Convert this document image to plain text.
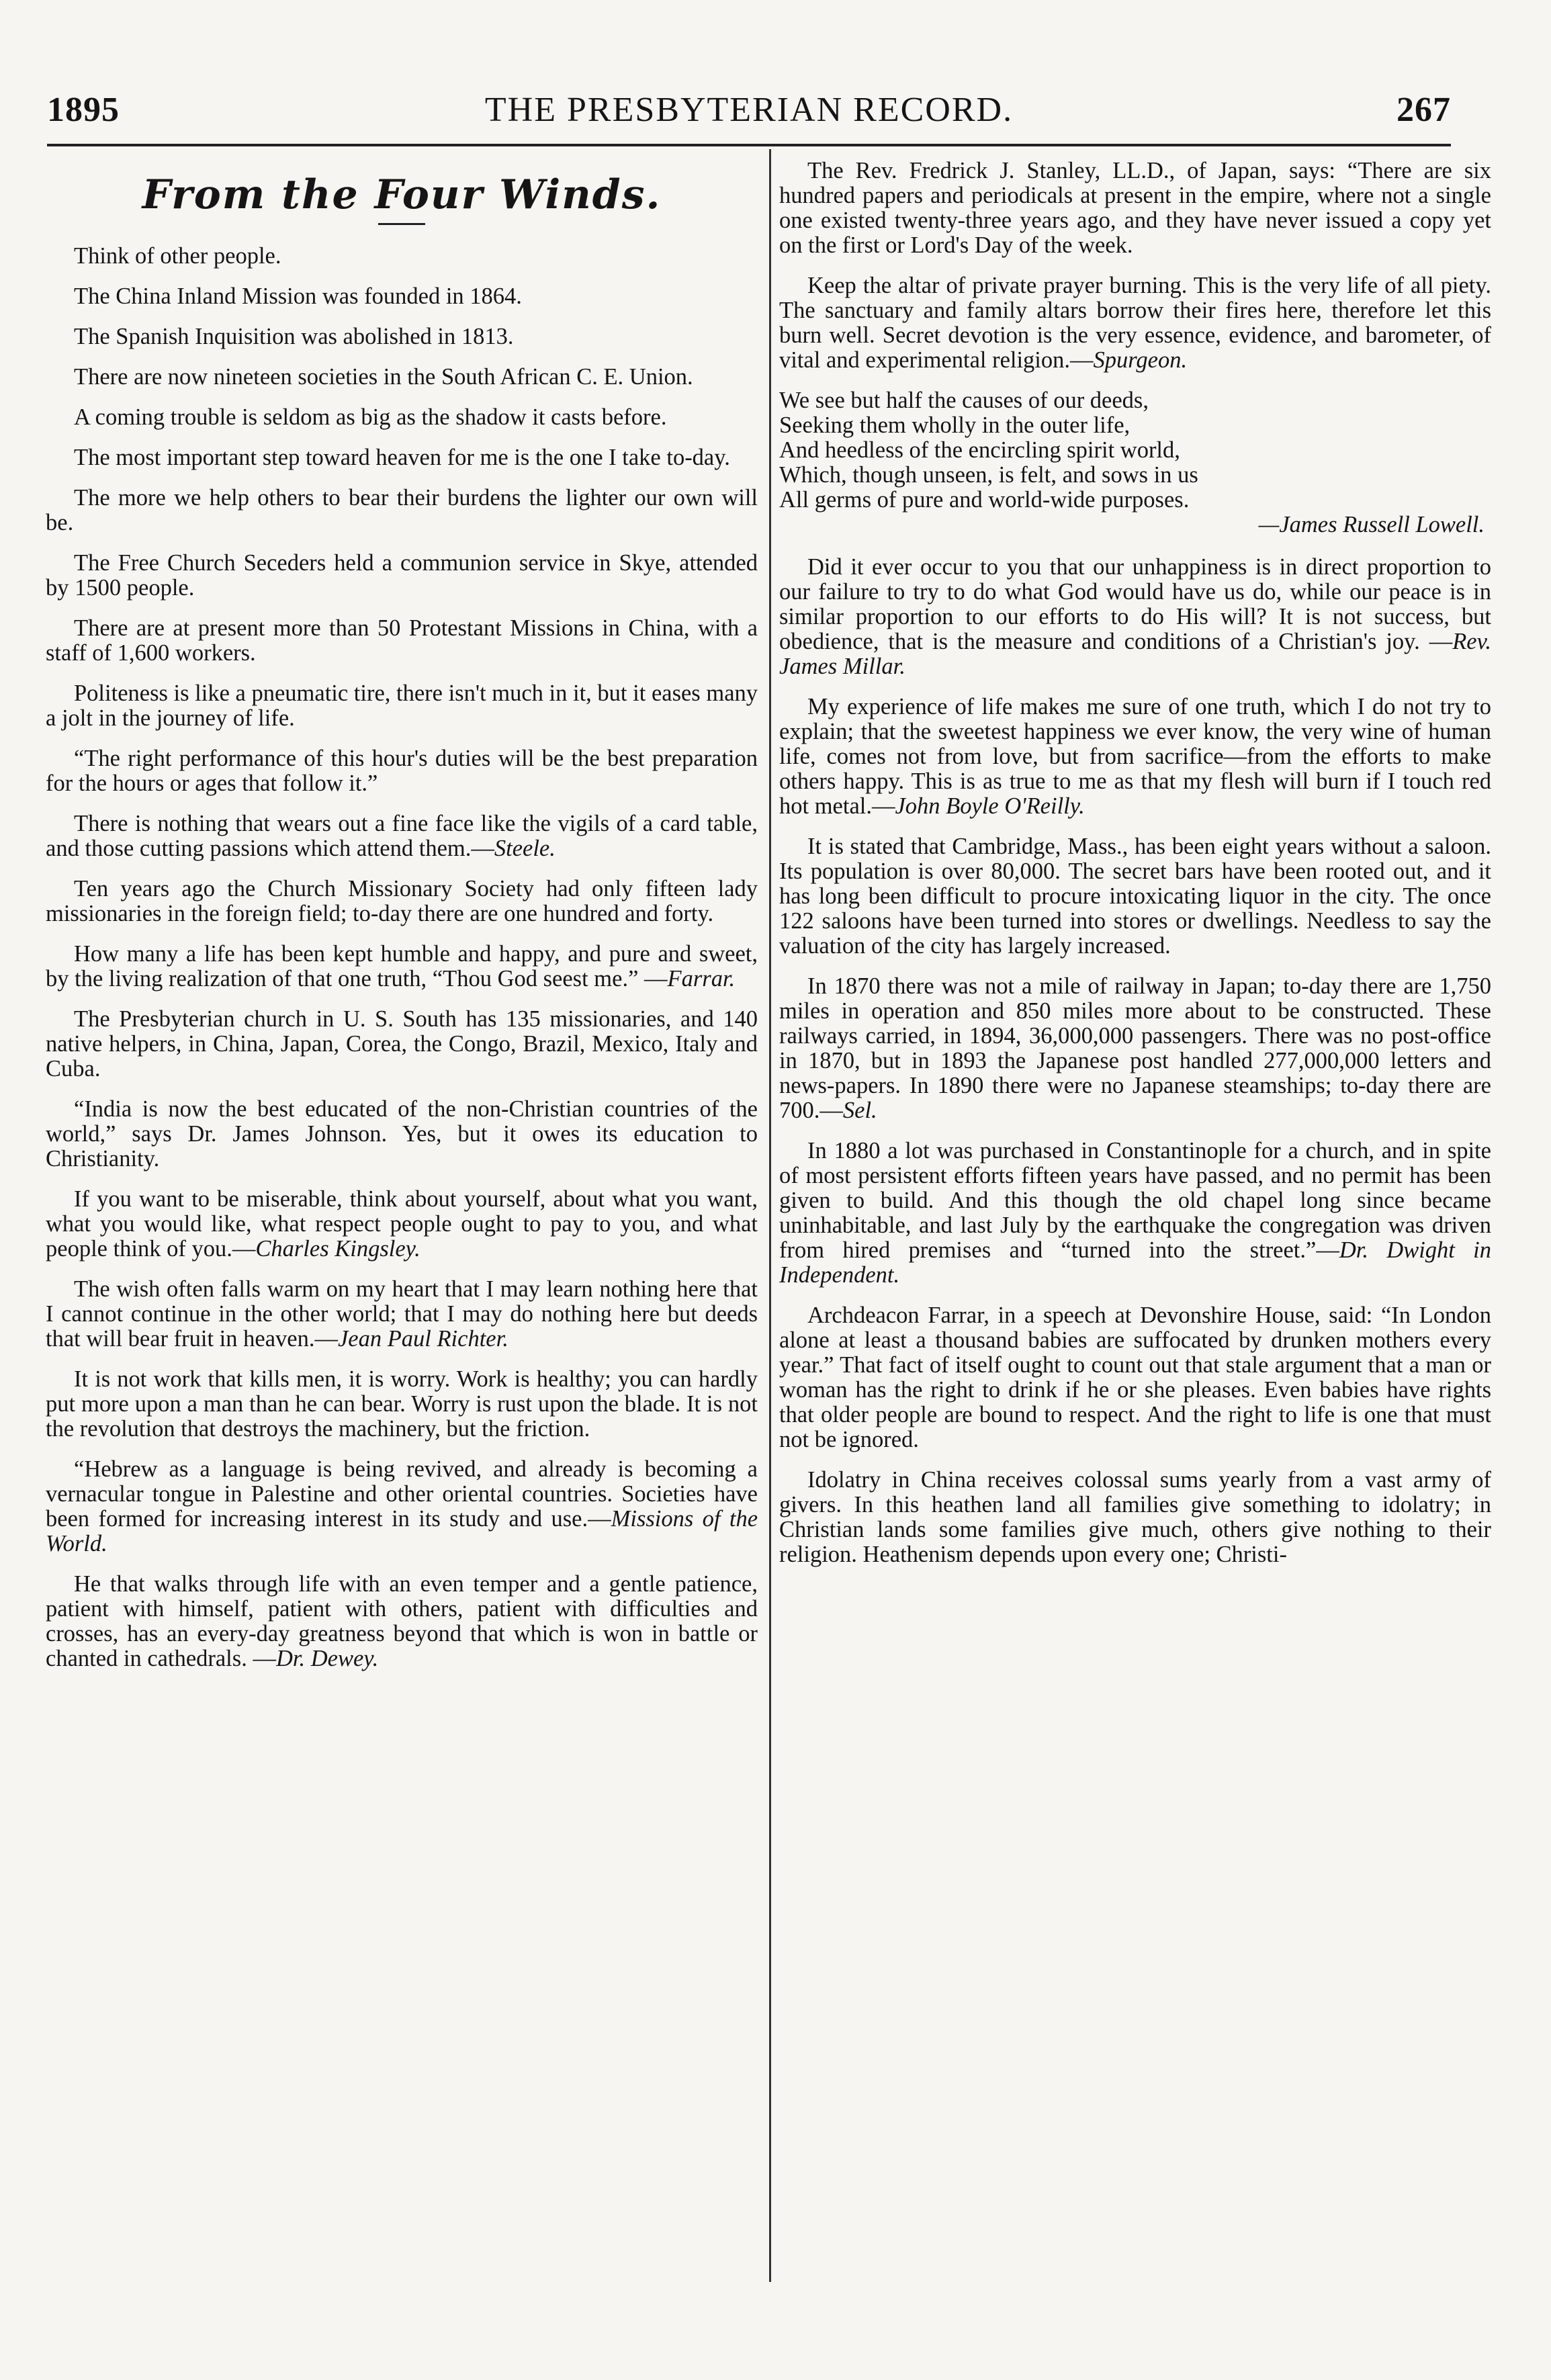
1895	THE PRESBYTERIAN RECORD.	267
From the Four Winds.

Think of other people.

The China Inland Mission was founded in 1864.

The Spanish Inquisition was abolished in 1813.

There are now nineteen societies in the South African C. E. Union.

A coming trouble is seldom as big as the shadow it casts before.

The most important step toward heaven for me is the one I take to-day.

The more we help others to bear their burdens the lighter our own will be.

The Free Church Seceders held a communion service in Skye, attended by 1500 people.

There are at present more than 50 Protestant Missions in China, with a staff of 1,600 workers.

Politeness is like a pneumatic tire, there isn't much in it, but it eases many a jolt in the journey of life.

“The right performance of this hour's duties will be the best preparation for the hours or ages that follow it.”

There is nothing that wears out a fine face like the vigils of a card table, and those cutting passions which attend them.—Steele.

Ten years ago the Church Missionary Society had only fifteen lady missionaries in the foreign field; to-day there are one hundred and forty.

How many a life has been kept humble and happy, and pure and sweet, by the living realization of that one truth, “Thou God seest me.” —Farrar.

The Presbyterian church in U. S. South has 135 missionaries, and 140 native helpers, in China, Japan, Corea, the Congo, Brazil, Mexico, Italy and Cuba.

“India is now the best educated of the non-Christian countries of the world,” says Dr. James Johnson. Yes, but it owes its education to Christianity.

If you want to be miserable, think about yourself, about what you want, what you would like, what respect people ought to pay to you, and what people think of you.—Charles Kingsley.

The wish often falls warm on my heart that I may learn nothing here that I cannot continue in the other world; that I may do nothing here but deeds that will bear fruit in heaven.—Jean Paul Richter.

It is not work that kills men, it is worry. Work is healthy; you can hardly put more upon a man than he can bear. Worry is rust upon the blade. It is not the revolution that destroys the machinery, but the friction.

“Hebrew as a language is being revived, and already is becoming a vernacular tongue in Palestine and other oriental countries. Societies have been formed for increasing interest in its study and use.—Missions of the World.

He that walks through life with an even temper and a gentle patience, patient with himself, patient with others, patient with difficulties and crosses, has an every-day greatness beyond that which is won in battle or chanted in cathedrals. —Dr. Dewey.

The Rev. Fredrick J. Stanley, LL.D., of Japan, says: “There are six hundred papers and periodicals at present in the empire, where not a single one existed twenty-three years ago, and they have never issued a copy yet on the first or Lord's Day of the week.

Keep the altar of private prayer burning. This is the very life of all piety. The sanctuary and family altars borrow their fires here, therefore let this burn well. Secret devotion is the very essence, evidence, and barometer, of vital and experimental religion.—Spurgeon.

We see but half the causes of our deeds,
Seeking them wholly in the outer life,
And heedless of the encircling spirit world,
Which, though unseen, is felt, and sows in us
All germs of pure and world-wide purposes.
—James Russell Lowell.

Did it ever occur to you that our unhappiness is in direct proportion to our failure to try to do what God would have us do, while our peace is in similar proportion to our efforts to do His will? It is not success, but obedience, that is the measure and conditions of a Christian's joy. —Rev. James Millar.

My experience of life makes me sure of one truth, which I do not try to explain; that the sweetest happiness we ever know, the very wine of human life, comes not from love, but from sacrifice—from the efforts to make others happy. This is as true to me as that my flesh will burn if I touch red hot metal.—John Boyle O'Reilly.

It is stated that Cambridge, Mass., has been eight years without a saloon. Its population is over 80,000. The secret bars have been rooted out, and it has long been difficult to procure intoxicating liquor in the city. The once 122 saloons have been turned into stores or dwellings. Needless to say the valuation of the city has largely increased.

In 1870 there was not a mile of railway in Japan; to-day there are 1,750 miles in operation and 850 miles more about to be constructed. These railways carried, in 1894, 36,000,000 passengers. There was no post-office in 1870, but in 1893 the Japanese post handled 277,000,000 letters and news-papers. In 1890 there were no Japanese steamships; to-day there are 700.—Sel.

In 1880 a lot was purchased in Constantinople for a church, and in spite of most persistent efforts fifteen years have passed, and no permit has been given to build. And this though the old chapel long since became uninhabitable, and last July by the earthquake the congregation was driven from hired premises and “turned into the street.”—Dr. Dwight in Independent.

Archdeacon Farrar, in a speech at Devonshire House, said: “In London alone at least a thousand babies are suffocated by drunken mothers every year.” That fact of itself ought to count out that stale argument that a man or woman has the right to drink if he or she pleases. Even babies have rights that older people are bound to respect. And the right to life is one that must not be ignored.

Idolatry in China receives colossal sums yearly from a vast army of givers. In this heathen land all families give something to idolatry; in Christian lands some families give much, others give nothing to their religion. Heathenism depends upon every one; Christi-
